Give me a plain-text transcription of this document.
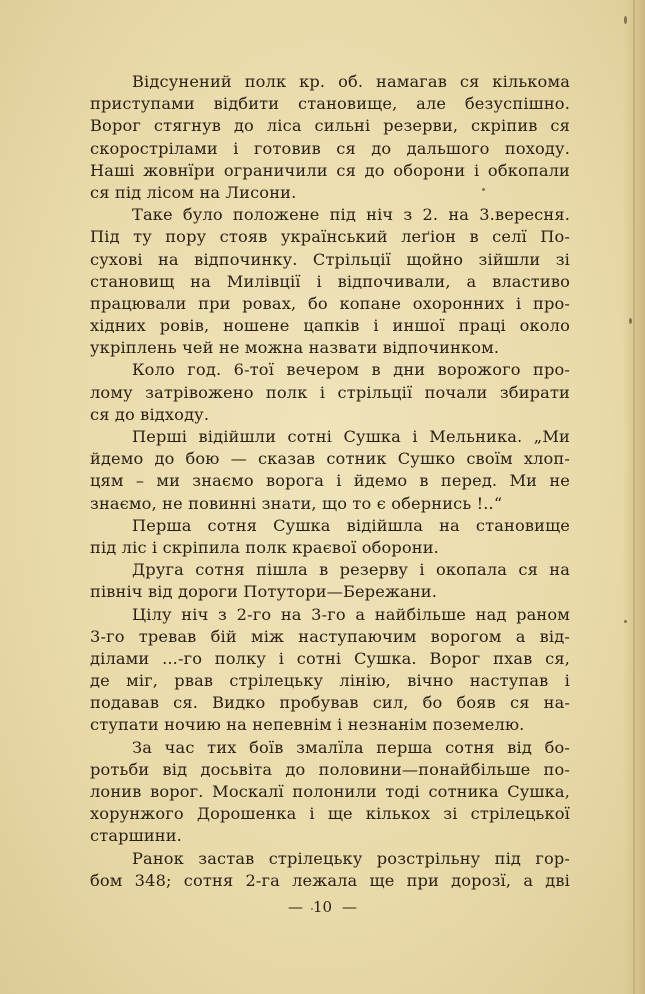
Відсунений полк кр. об. намагав ся кількома
приступами відбити становище, але безуспішно.
Ворог стягнув до ліса сильні резерви, скріпив ся
скорострілами і готовив ся до дальшого походу.
Наші жовнїри ограничили ся до оборони і обкопали
ся під лісом на Лисони.
Таке було положене під ніч з 2. на 3.вересня.
Під ту пору стояв український леґіон в селї По-
сухові на відпочинку. Стрільції щойно зійшли зі
становищ на Милівції і відпочивали, а властиво
працювали при ровах, бо копане охоронних і про-
хідних ровів, ношене цапків і иншої праці около
укріплень чей не можна назвати відпочинком.
Коло год. 6-тої вечером в дни ворожого про-
лому затрівожено полк і стрільції почали збирати
ся до відходу.
Перші відійшли сотні Сушка і Мельника. „Ми
йдемо до бою — сказав сотник Сушко своїм хлоп-
цям – ми знаємо ворога і йдемо в перед. Ми не
знаємо, не повинні знати, що то є обернись !..“
Перша сотня Сушка відійшла на становище
під ліс і скріпила полк краєвої оборони.
Друга сотня пішла в резерву і окопала ся на
північ від дороги Потутори—Бережани.
Цілу ніч з 2-го на 3-го а найбільше над раном
3-го тревав бій між наступаючим ворогом а від-
ділами ...-го полку і сотні Сушка. Ворог пхав ся,
де міг, рвав стрілецьку лінію, вічно наступав і
подавав ся. Видко пробував сил, бо бояв ся на-
ступати ночию на непевнім і незнанім поземелю.
За час тих боїв змалїла перша сотня від бо-
ротьби від досьвіта до половини—понайбільше по-
лонив ворог. Москалї полонили тоді сотника Сушка,
хорунжого Дорошенка і ще кількох зі стрілецької
старшини.
Ранок застав стрілецьку розстрільну під гор-
бом 348; сотня 2-га лежала ще при дорозї, а дві
— 10 —
